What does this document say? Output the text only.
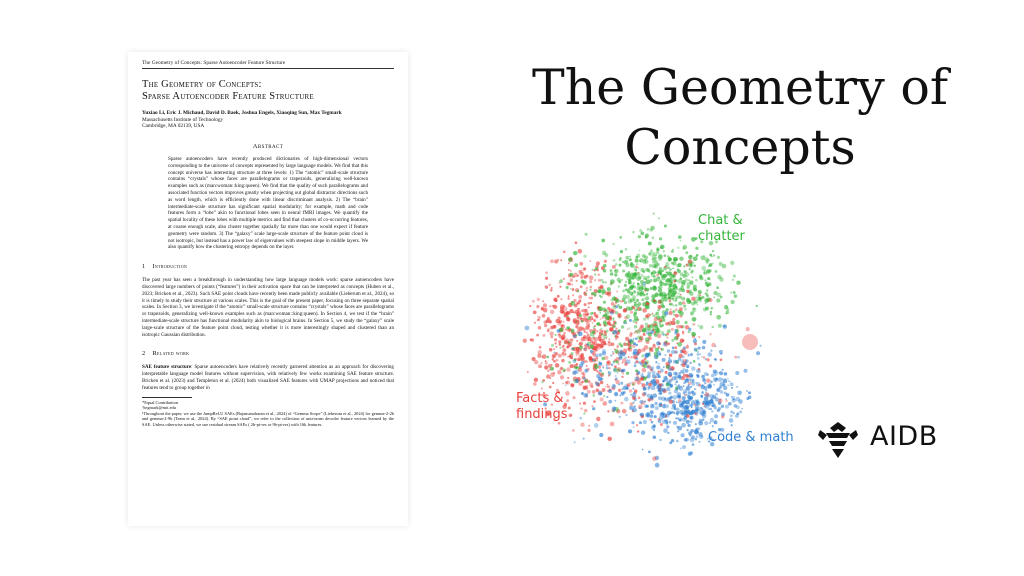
The Geometry of Concepts: Sparse Autoencoder Feature Structure
The Geometry of Concepts:
Sparse Autoencoder Feature Structure
Yuxiao Li, Eric J. Michaud, David D. Baek, Joshua Engels, Xiaoqing Sun, Max Tegmark
Massachusetts Institute of Technology
Cambridge, MA 02139, USA
Abstract
Sparse autoencoders have recently produced dictionaries of high-dimensional vectors corresponding to the universe of concepts represented by large language models. We find that this concept universe has interesting structure at three levels: 1) The “atomic” small-scale structure contains “crystals” whose faces are parallelograms or trapezoids, generalizing well-known examples such as (man:woman::king:queen). We find that the quality of such parallelograms and associated function vectors improves greatly when projecting out global distractor directions such as word length, which is efficiently done with linear discriminant analysis. 2) The “brain” intermediate-scale structure has significant spatial modularity; for example, math and code features form a “lobe” akin to functional lobes seen in neural fMRI images. We quantify the spatial locality of these lobes with multiple metrics and find that clusters of co-occurring features, at coarse enough scale, also cluster together spatially far more than one would expect if feature geometry were random. 3) The “galaxy” scale large-scale structure of the feature point cloud is not isotropic, but instead has a power law of eigenvalues with steepest slope in middle layers. We also quantify how the clustering entropy depends on the layer.
1 Introduction
The past year has seen a breakthrough in understanding how large language models work: sparse autoencoders have discovered large numbers of points (“features”) in their activation space that can be interpreted as concepts (Huben et al., 2023; Bricken et al., 2023). Such SAE point clouds have recently been made publicly available (Lieberum et al., 2024), so it is timely to study their structure at various scales. This is the goal of the present paper, focusing on three separate spatial scales. In Section 3, we investigate if the “atomic” small-scale structure contains “crystals” whose faces are parallelograms or trapezoids, generalizing well-known examples such as (man:woman::king:queen). In Section 4, we test if the “brain” intermediate-scale structure has functional modularity akin to biological brains. In Section 5, we study the “galaxy” scale large-scale structure of the feature point cloud, testing whether it is more interestingly shaped and clustered than an isotropic Gaussian distribution.
2 Related work
SAE feature structure: Sparse autoencoders have relatively recently garnered attention as an approach for discovering interpretable language model features without supervision, with relatively few works examining SAE feature structure. Bricken et al. (2023) and Templeton et al. (2024) both visualized SAE features with UMAP projections and noticed that features tend to group together in
*Equal Contribution
†tegmark@mit.edu
¹Throughout the paper, we use the JumpReLU SAEs (Rajamanoharan et al., 2024) of “Gemma Scope” (Lieberum et al., 2024) for gemma-2-2b and gemma-2-9b (Team et al., 2024). By “SAE point cloud”, we refer to the collection of unit-norm decoder feature vectors learned by the SAE. Unless otherwise stated, we use residual stream SAEs ( 2b-pt-res or 9b-pt-res) with 16k features.
The Geometry of
Concepts
Chat &
chatter
Facts &
findings
Code & math	AIDB
